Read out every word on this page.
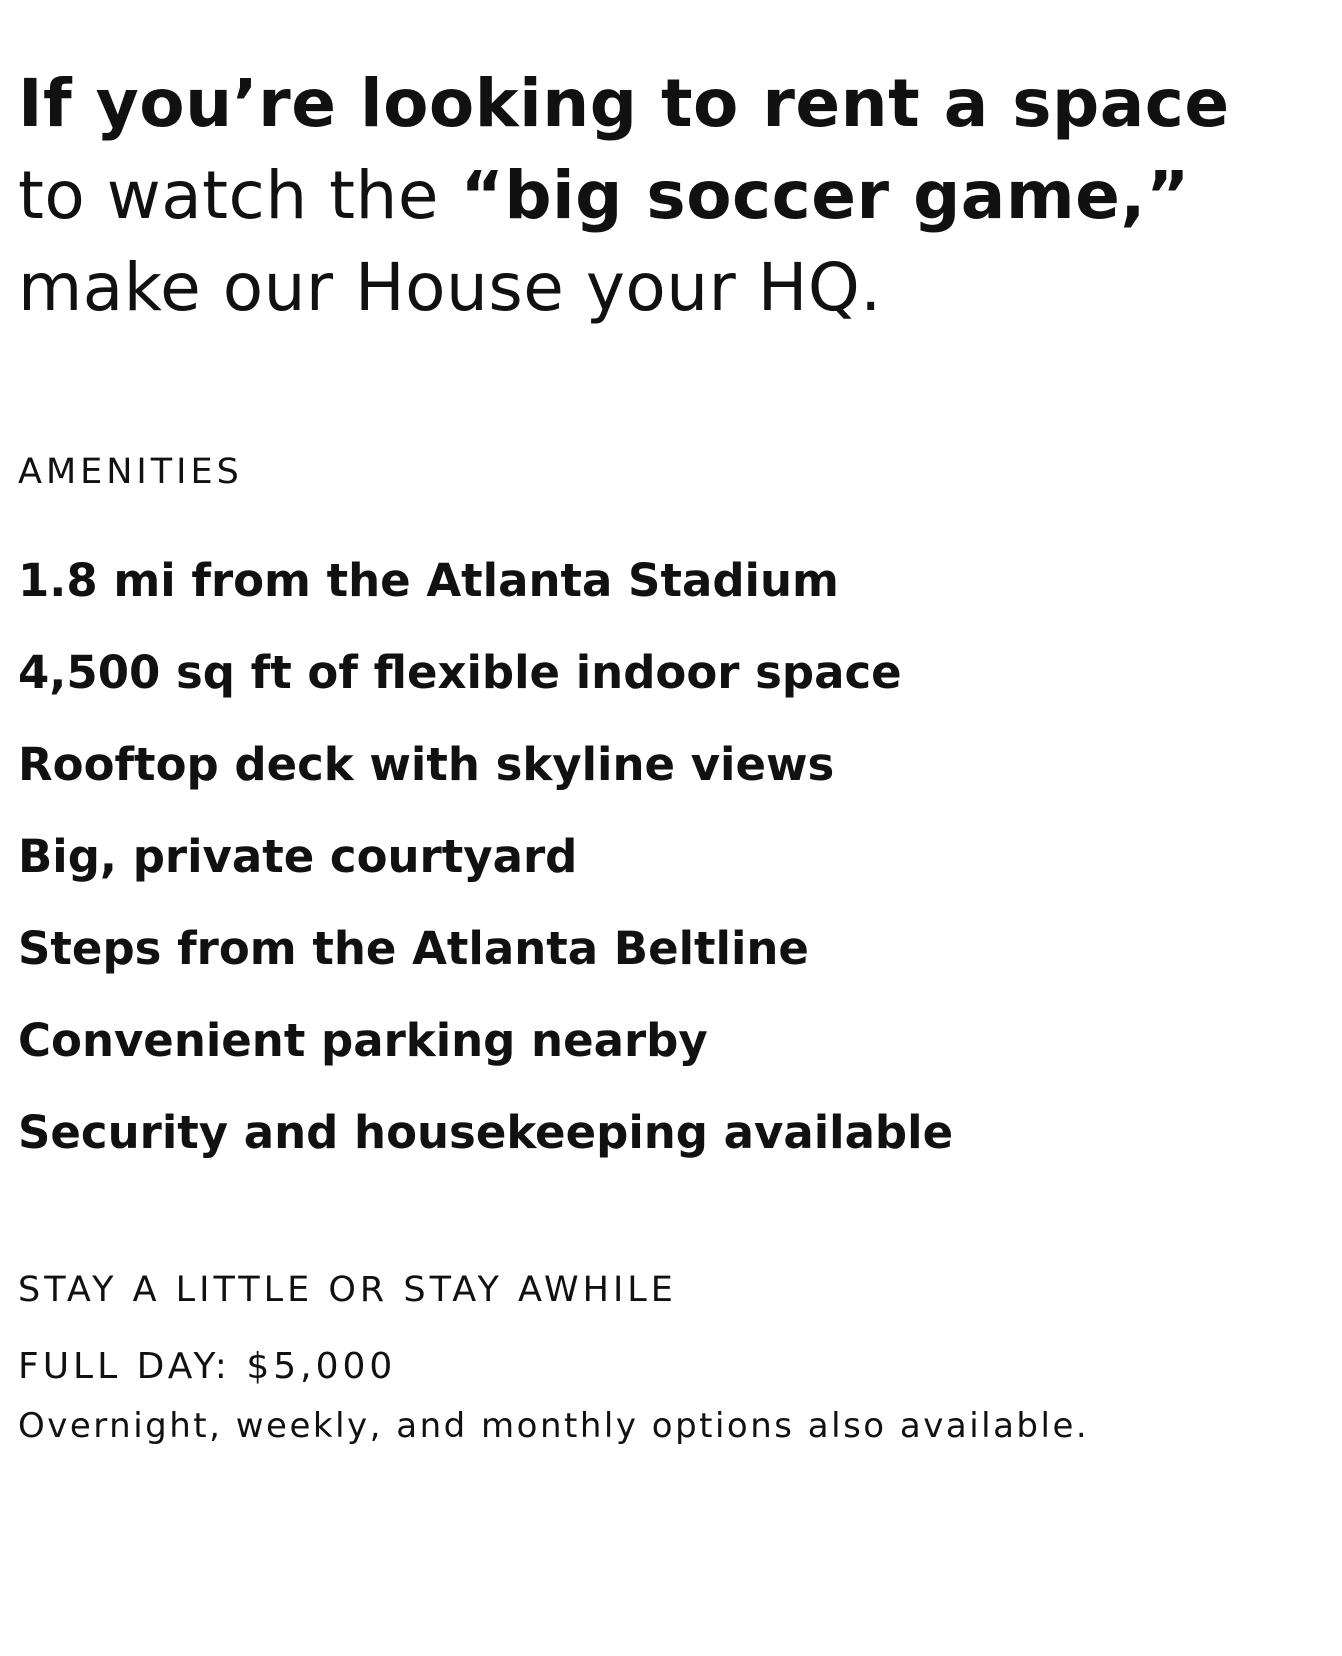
If you’re looking to rent a space
to watch the “big soccer game,”
make our House your HQ.
AMENITIES
1.8 mi from the Atlanta Stadium
4,500 sq ft of flexible indoor space
Rooftop deck with skyline views
Big, private courtyard
Steps from the Atlanta Beltline
Convenient parking nearby
Security and housekeeping available
STAY A LITTLE OR STAY AWHILE

FULL DAY: $5,000

Overnight, weekly, and monthly options also available.
